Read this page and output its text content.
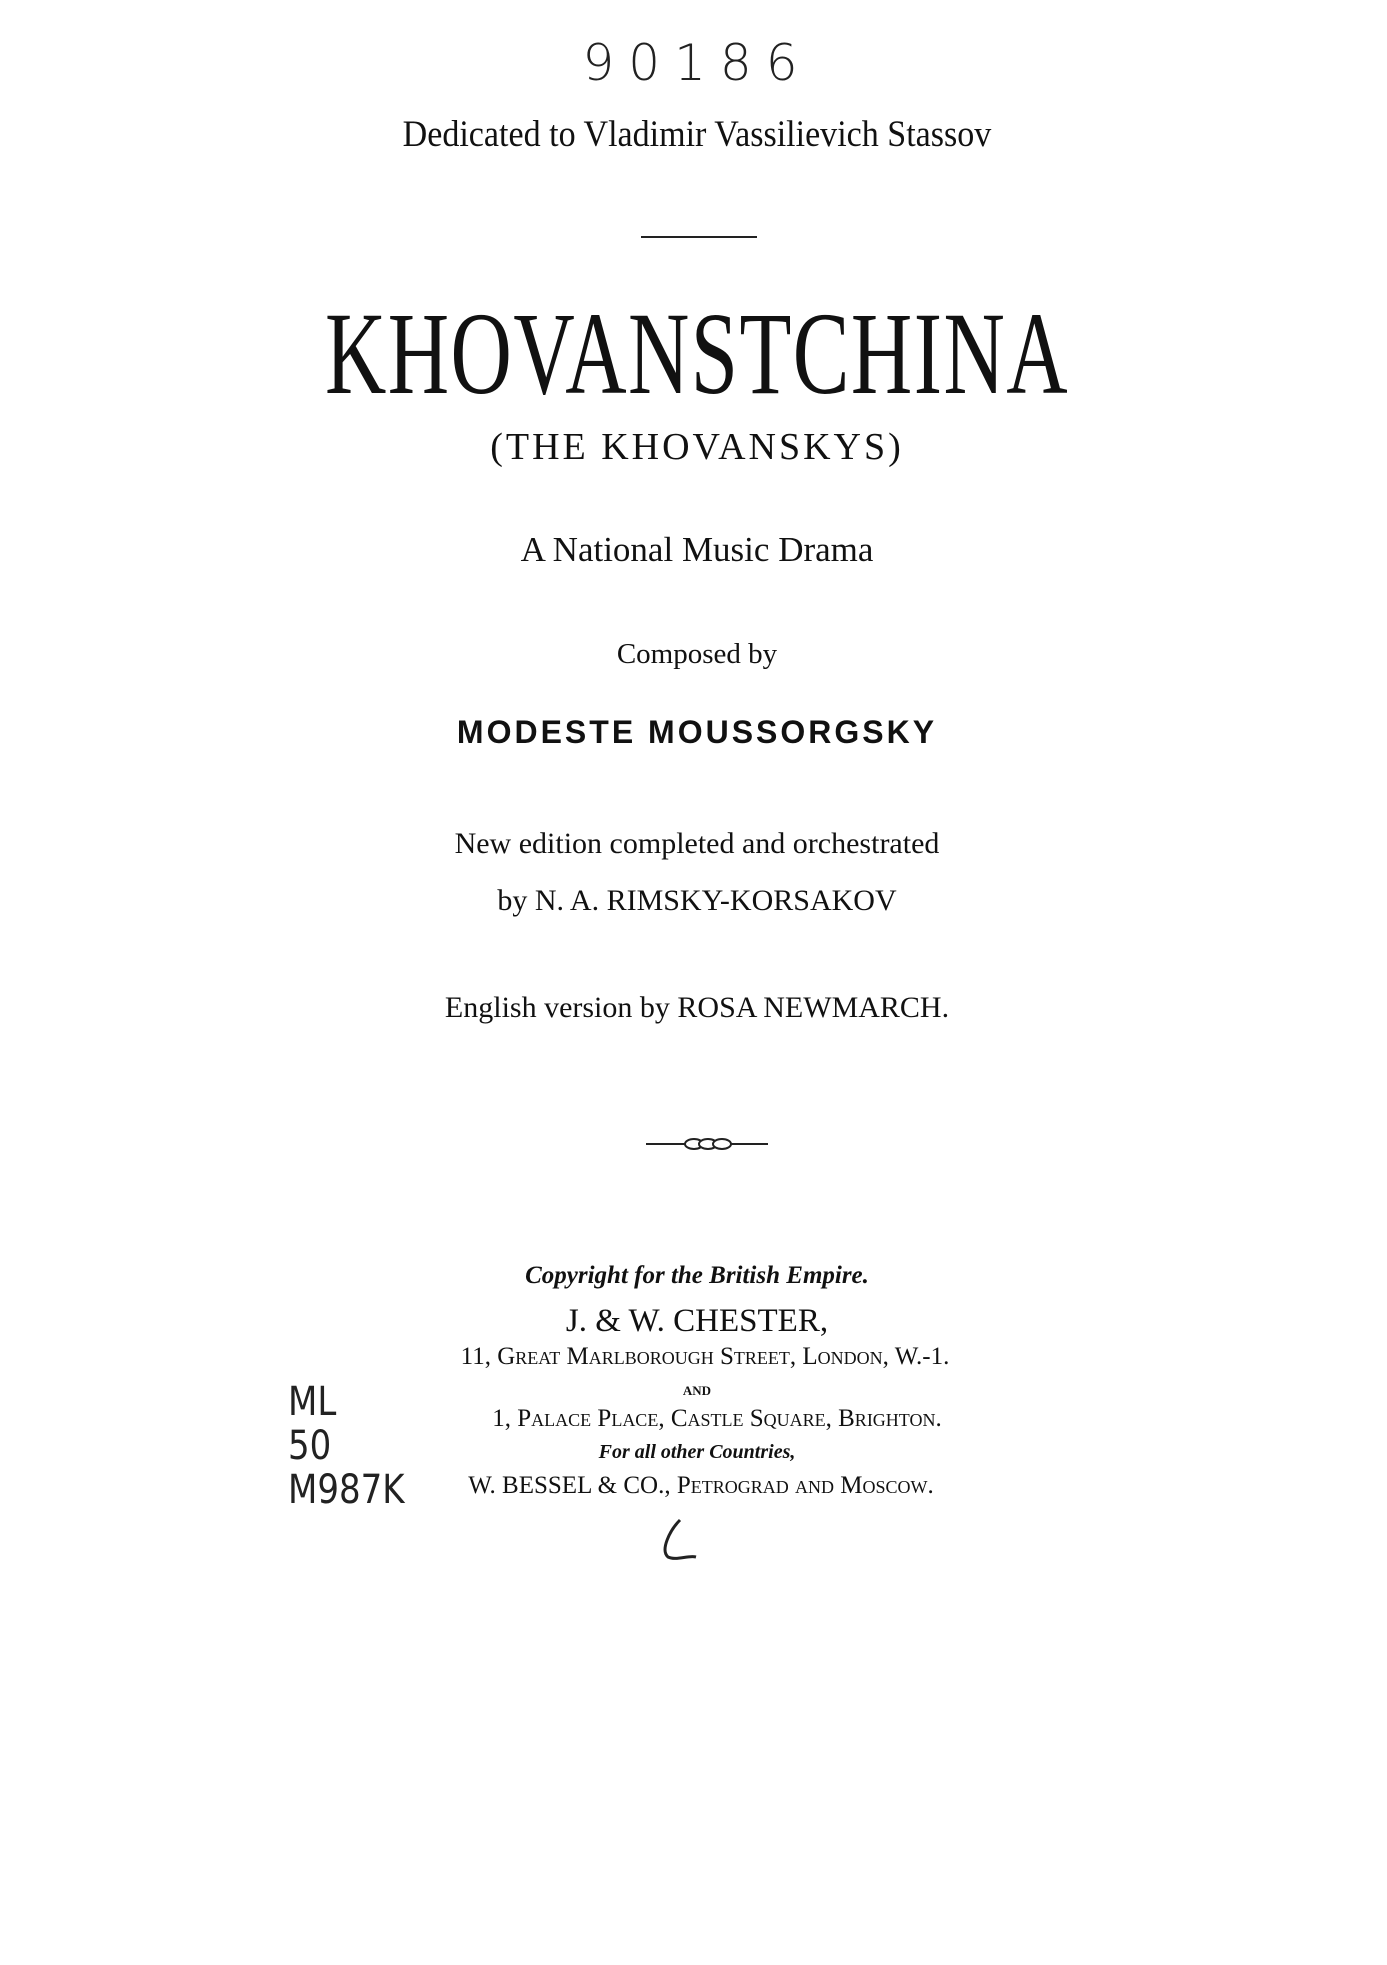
90186
Dedicated to Vladimir Vassilievich Stassov
KHOVANSTCHINA
(THE KHOVANSKYS)
A National Music Drama
Composed by
MODESTE MOUSSORGSKY
New edition completed and orchestrated
by N. A. RIMSKY-KORSAKOV
English version by ROSA NEWMARCH.
Copyright for the British Empire.
J. & W. CHESTER,
11, Great Marlborough Street, London, W.-1.
AND
1, Palace Place, Castle Square, Brighton.
For all other Countries,
W. BESSEL & CO., Petrograd and Moscow.
ML
50
M987K
